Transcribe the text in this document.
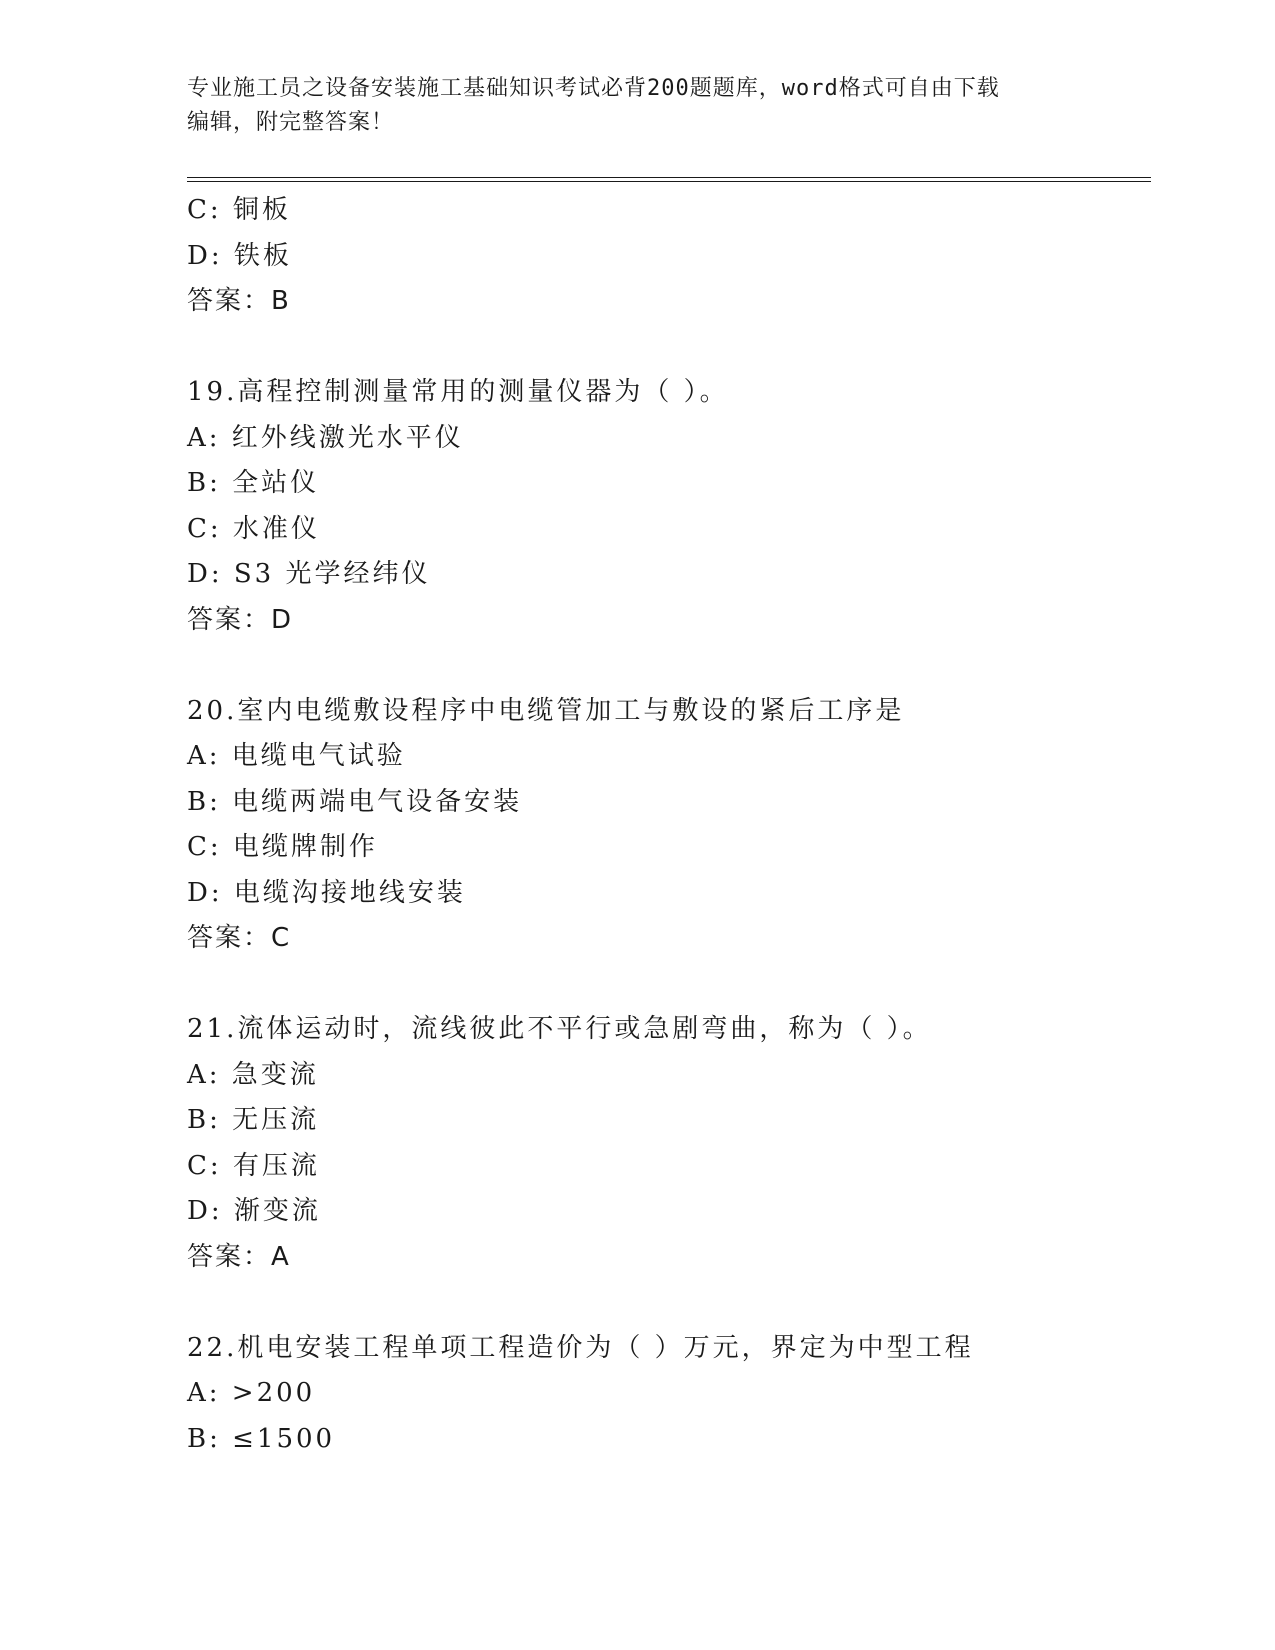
专业施工员之设备安装施工基础知识考试必背200题题库，word格式可自由下载
编辑，附完整答案！
C: 铜板
D: 铁板
答案：B
19.高程控制测量常用的测量仪器为（ ）。
A: 红外线激光水平仪
B: 全站仪
C: 水准仪
D: S3 光学经纬仪
答案：D
20.室内电缆敷设程序中电缆管加工与敷设的紧后工序是
A: 电缆电气试验
B: 电缆两端电气设备安装
C: 电缆牌制作
D: 电缆沟接地线安装
答案：C
21.流体运动时，流线彼此不平行或急剧弯曲，称为（ ）。
A: 急变流
B: 无压流
C: 有压流
D: 渐变流
答案：A
22.机电安装工程单项工程造价为（ ）万元，界定为中型工程
A: >200
B: ≤1500
